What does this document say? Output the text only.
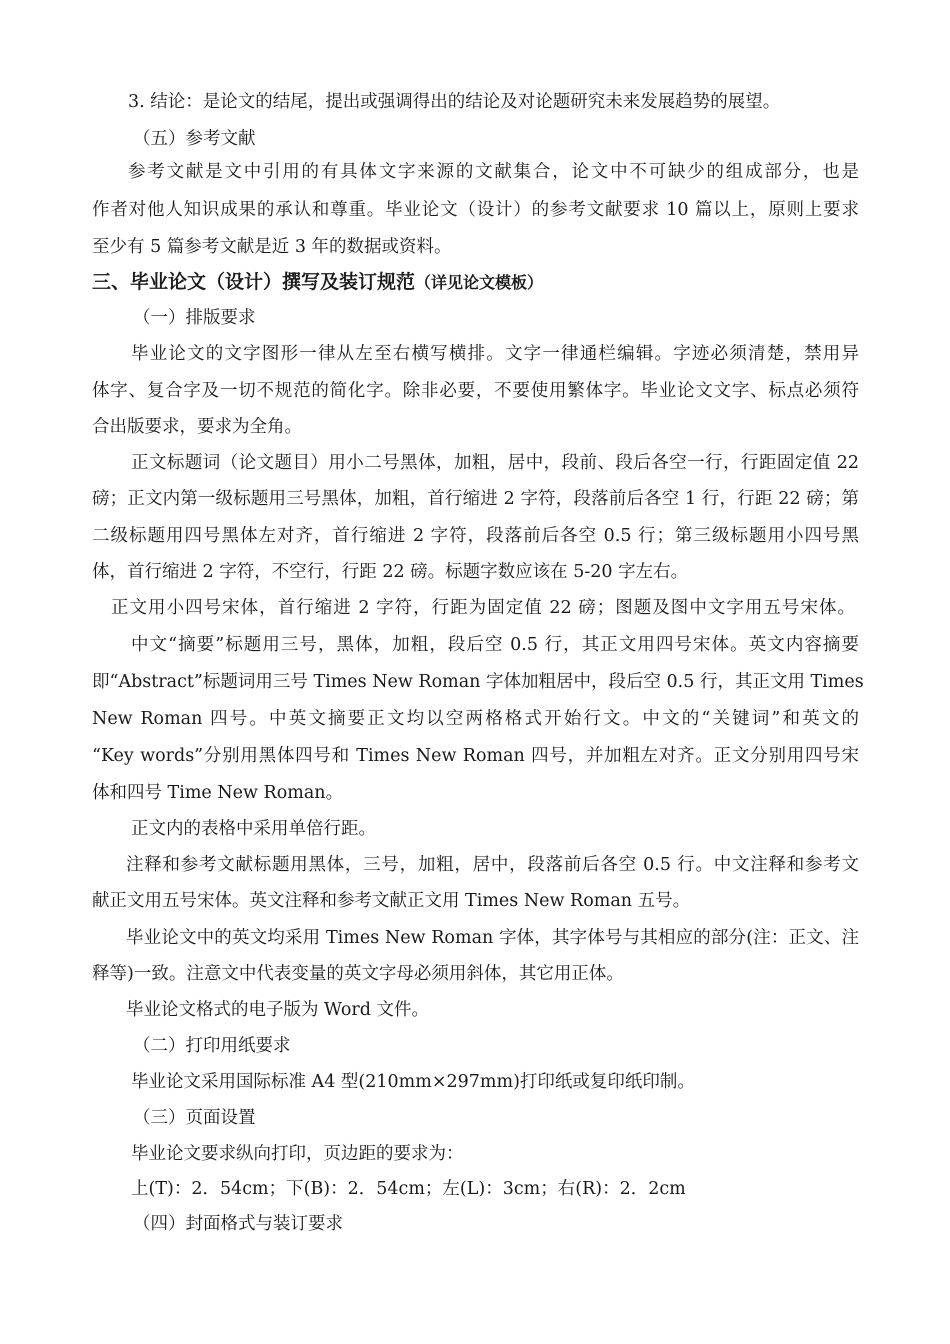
3. 结论：是论文的结尾，提出或强调得出的结论及对论题研究未来发展趋势的展望。
（五）参考文献
参考文献是文中引用的有具体文字来源的文献集合，论文中不可缺少的组成部分，也是
作者对他人知识成果的承认和尊重。毕业论文（设计）的参考文献要求 10 篇以上，原则上要求
至少有 5 篇参考文献是近 3 年的数据或资料。
三、毕业论文（设计）撰写及装订规范（详见论文模板）
（一）排版要求
毕业论文的文字图形一律从左至右横写横排。文字一律通栏编辑。字迹必须清楚，禁用异
体字、复合字及一切不规范的简化字。除非必要，不要使用繁体字。毕业论文文字、标点必须符
合出版要求，要求为全角。
正文标题词（论文题目）用小二号黑体，加粗，居中，段前、段后各空一行，行距固定值 22
磅；正文内第一级标题用三号黑体，加粗，首行缩进 2 字符，段落前后各空 1 行，行距 22 磅；第
二级标题用四号黑体左对齐，首行缩进 2 字符，段落前后各空 0.5 行；第三级标题用小四号黑
体，首行缩进 2 字符，不空行，行距 22 磅。标题字数应该在 5-20 字左右。
正文用小四号宋体，首行缩进 2 字符，行距为固定值 22 磅；图题及图中文字用五号宋体。
中文“摘要”标题用三号，黑体，加粗，段后空 0.5 行，其正文用四号宋体。英文内容摘要
即“Abstract”标题词用三号 Times New Roman 字体加粗居中，段后空 0.5 行，其正文用 Times
New Roman 四号。中英文摘要正文均以空两格格式开始行文。中文的“关键词”和英文的
“Key words”分别用黑体四号和 Times New Roman 四号，并加粗左对齐。正文分别用四号宋
体和四号 Time New Roman。
正文内的表格中采用单倍行距。
注释和参考文献标题用黑体，三号，加粗，居中，段落前后各空 0.5 行。中文注释和参考文
献正文用五号宋体。英文注释和参考文献正文用 Times New Roman 五号。
毕业论文中的英文均采用 Times New Roman 字体，其字体号与其相应的部分(注：正文、注
释等)一致。注意文中代表变量的英文字母必须用斜体，其它用正体。
毕业论文格式的电子版为 Word 文件。
（二）打印用纸要求
毕业论文采用国际标准 A4 型(210mm×297mm)打印纸或复印纸印制。
（三）页面设置
毕业论文要求纵向打印，页边距的要求为：
上(T)：2．54cm；下(B)：2．54cm；左(L)：3cm；右(R)：2．2cm
（四）封面格式与装订要求
